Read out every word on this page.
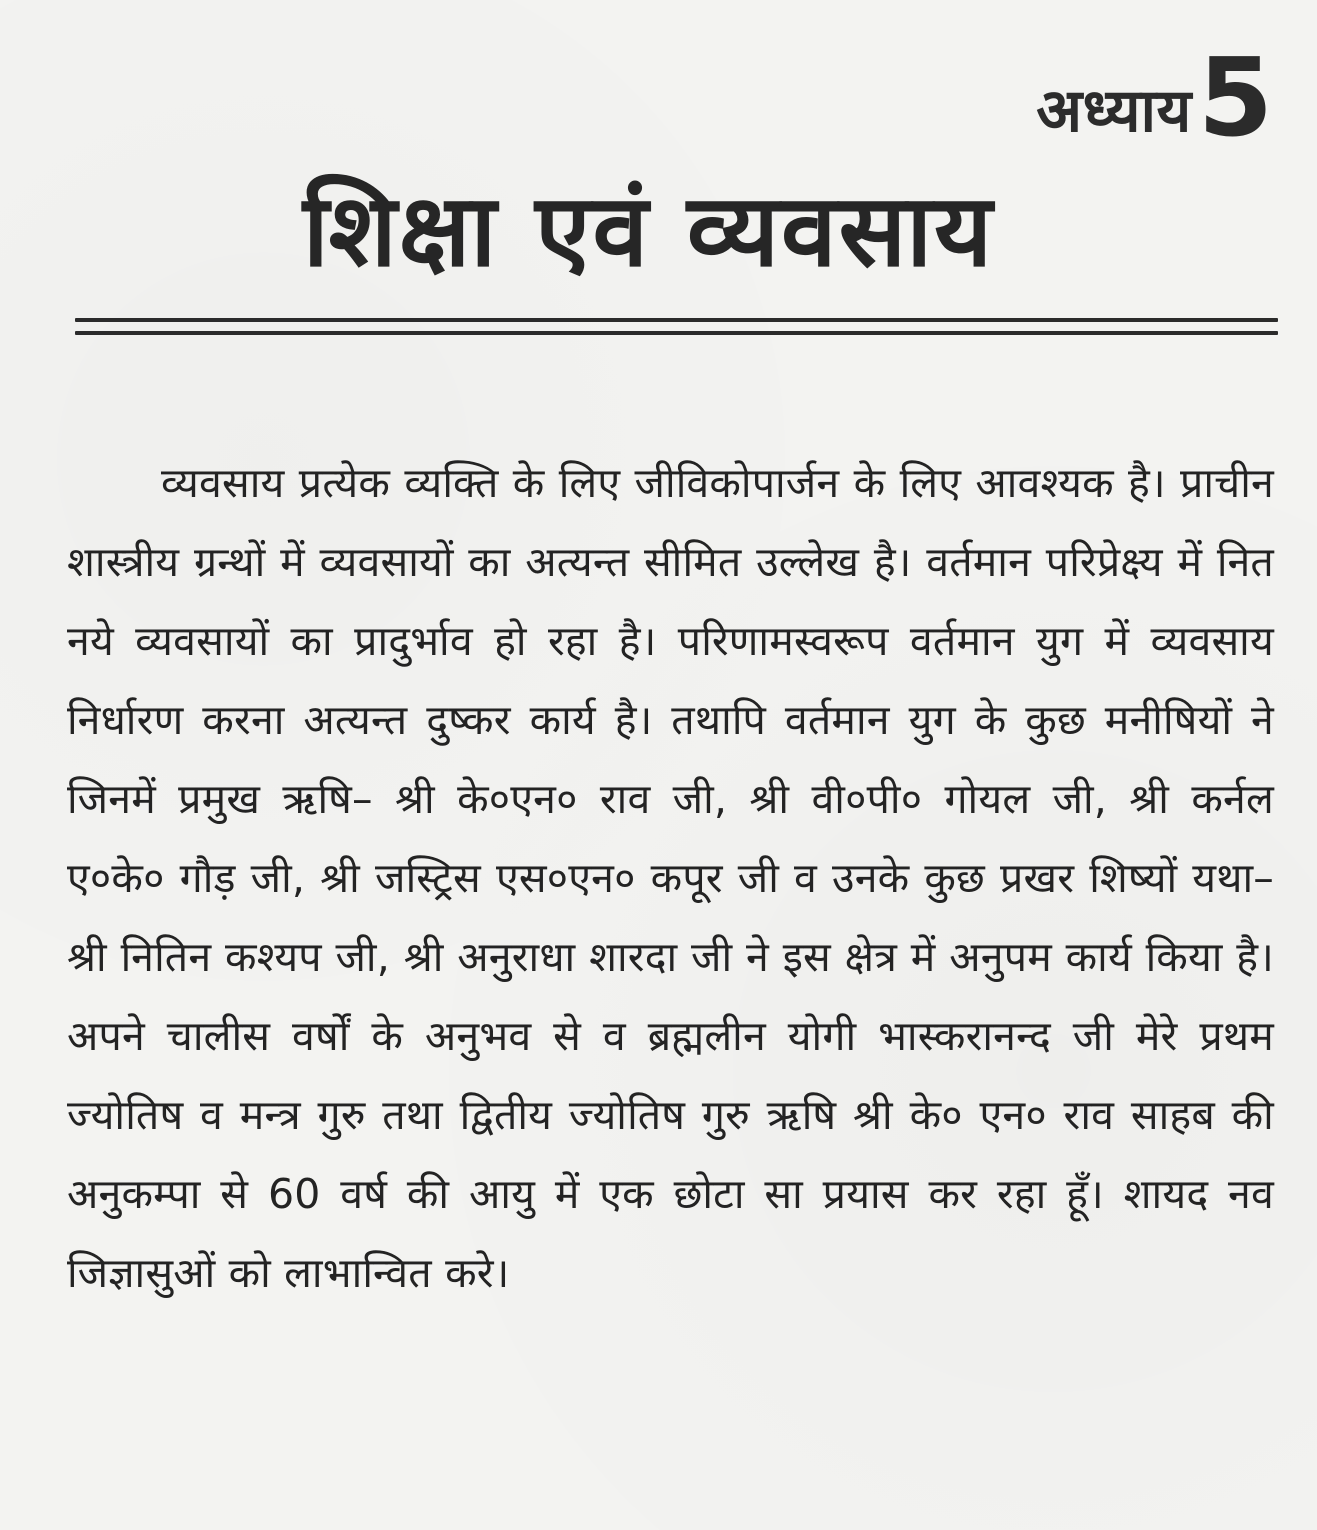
अध्याय 5
शिक्षा एवं व्यवसाय

व्यवसाय प्रत्येक व्यक्ति के लिए जीविकोपार्जन के लिए आवश्यक है। प्राचीन शास्त्रीय ग्रन्थों में व्यवसायों का अत्यन्त सीमित उल्लेख है। वर्तमान परिप्रेक्ष्य में नित नये व्यवसायों का प्रादुर्भाव हो रहा है। परिणामस्वरूप वर्तमान युग में व्यवसाय निर्धारण करना अत्यन्त दुष्कर कार्य है। तथापि वर्तमान युग के कुछ मनीषियों ने जिनमें प्रमुख ऋषि– श्री के०एन० राव जी, श्री वी०पी० गोयल जी, श्री कर्नल ए०के० गौड़ जी, श्री जस्ट्रिस एस०एन० कपूर जी व उनके कुछ प्रखर शिष्यों यथा– श्री नितिन कश्यप जी, श्री अनुराधा शारदा जी ने इस क्षेत्र में अनुपम कार्य किया है। अपने चालीस वर्षों के अनुभव से व ब्रह्मलीन योगी भास्करानन्द जी मेरे प्रथम ज्योतिष व मन्त्र गुरु तथा द्वितीय ज्योतिष गुरु ऋषि श्री के० एन० राव साहब की अनुकम्पा से 60 वर्ष की आयु में एक छोटा सा प्रयास कर रहा हूँ। शायद नव जिज्ञासुओं को लाभान्वित करे।
